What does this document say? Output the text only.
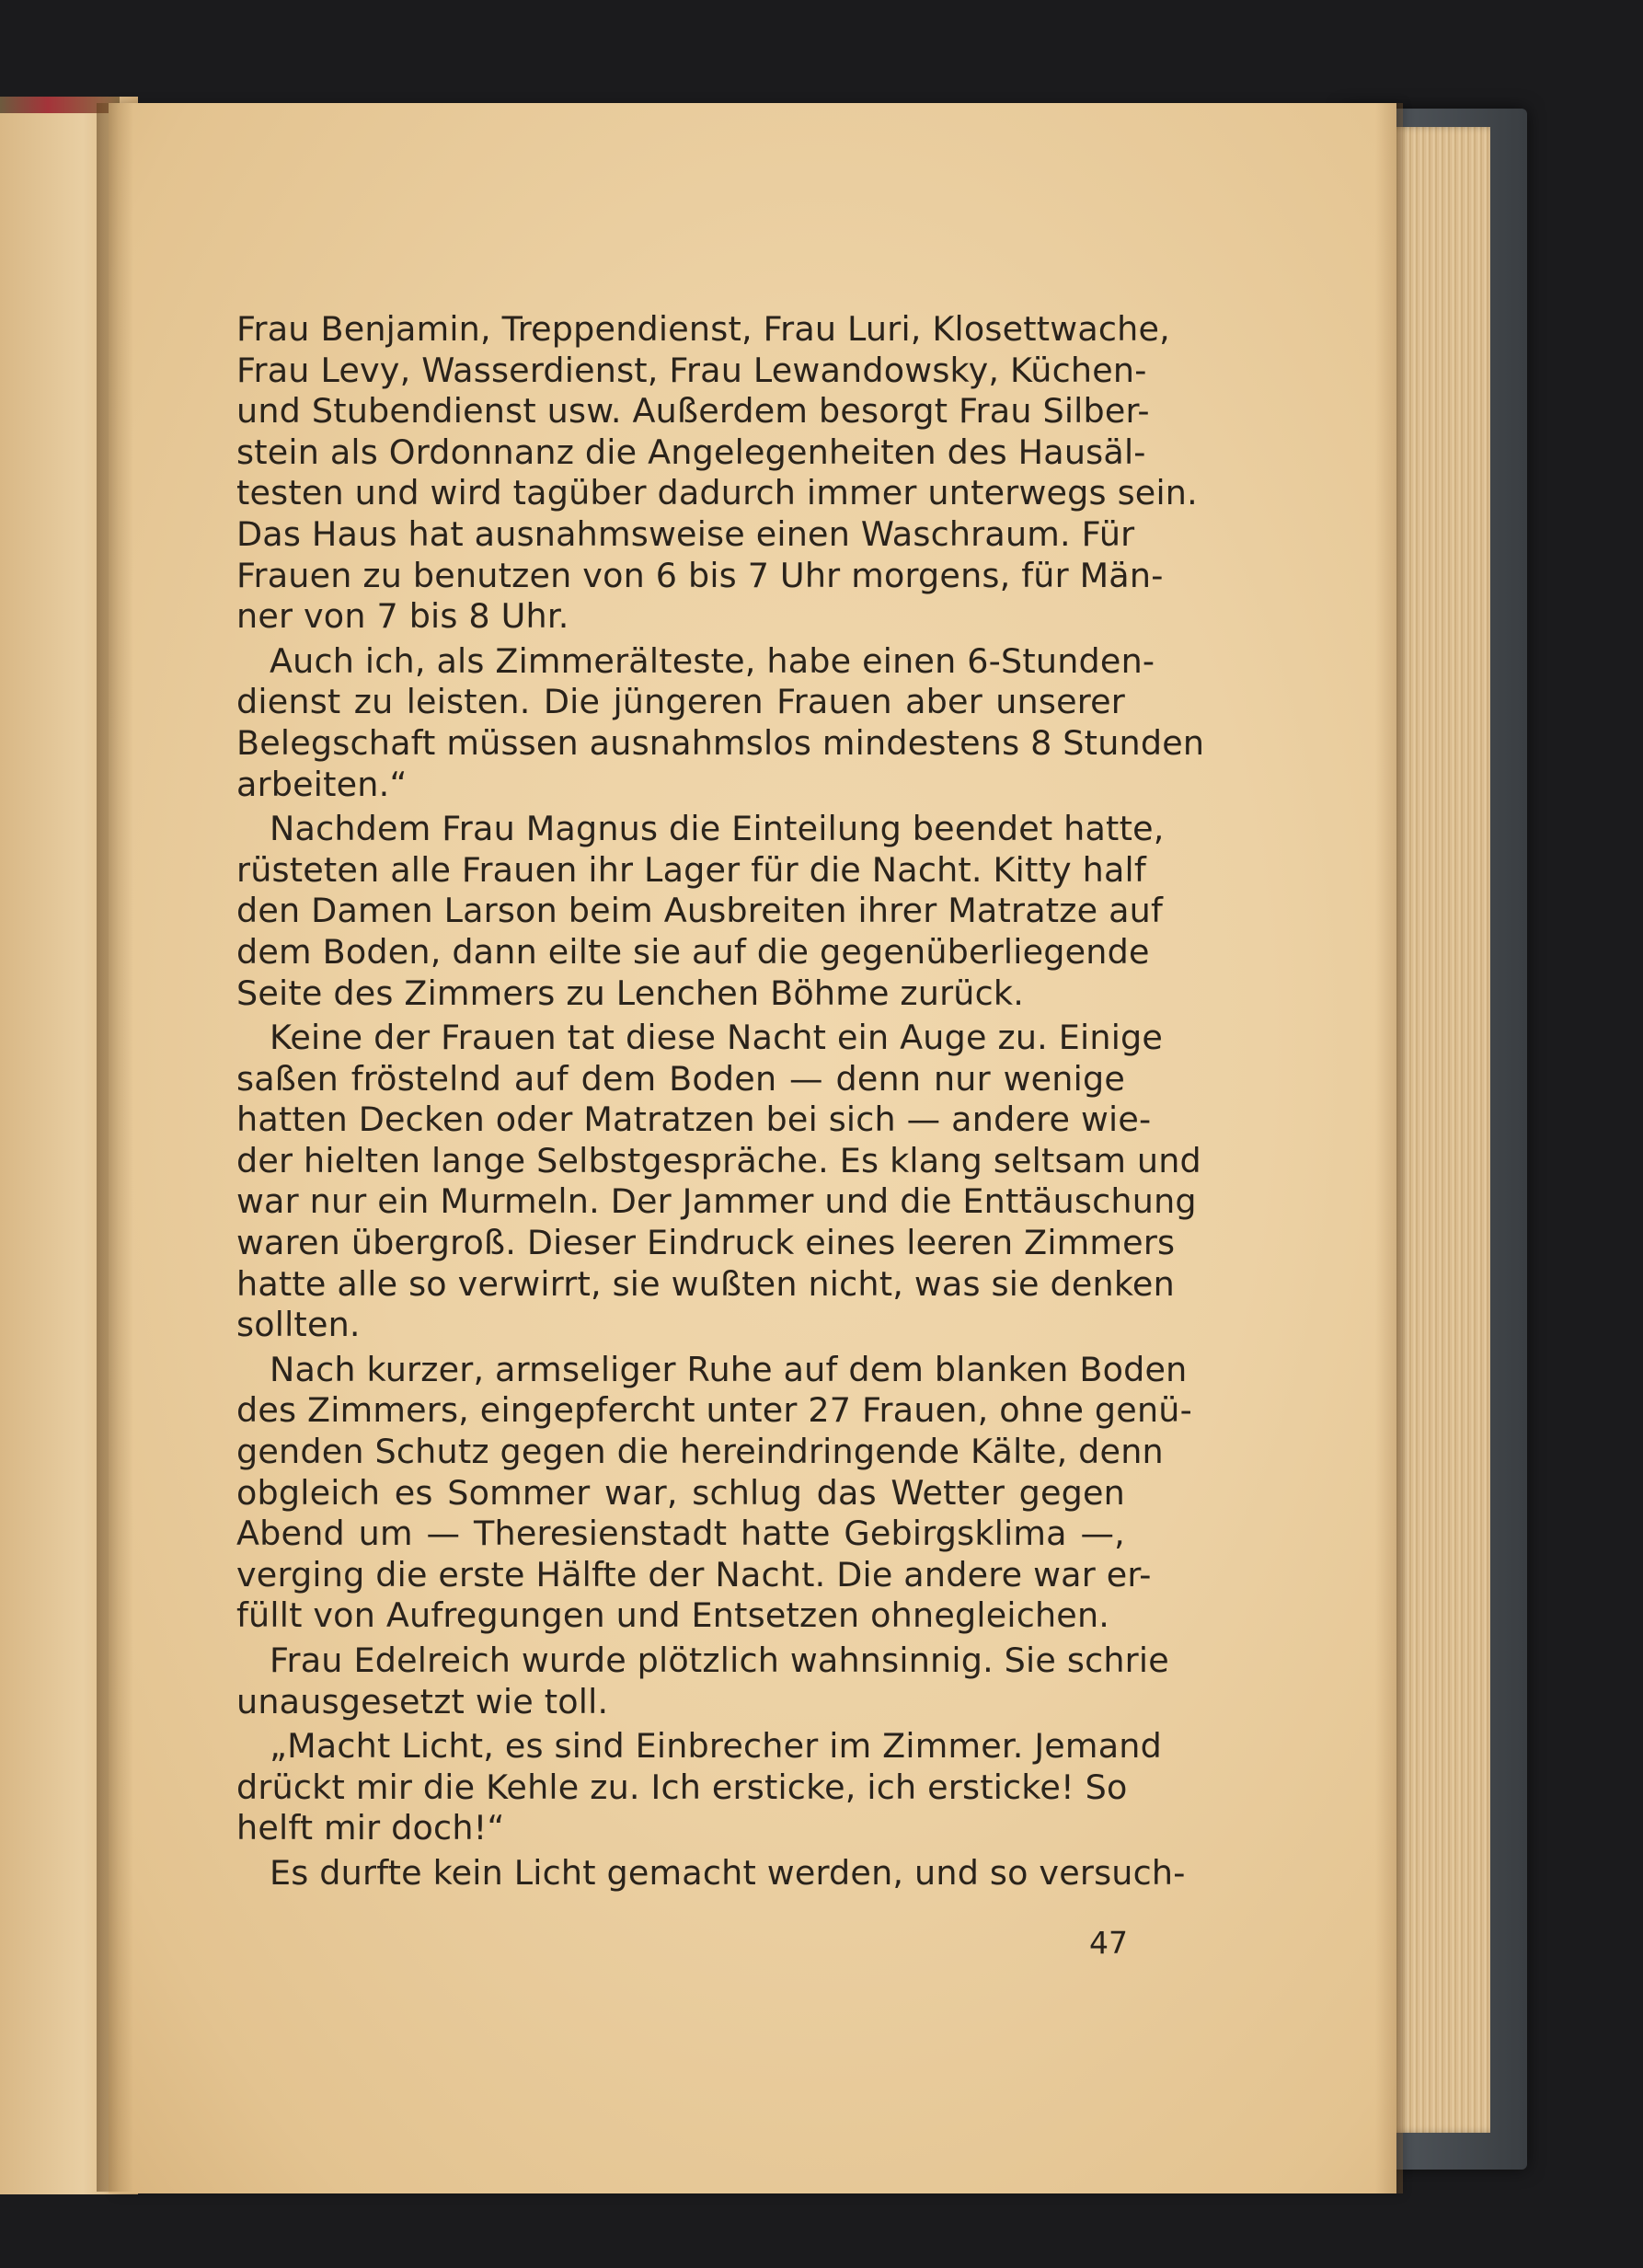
Frau Benjamin, Treppendienst, Frau Luri, Klosettwache,
Frau Levy, Wasserdienst, Frau Lewandowsky, Küchen-
und Stubendienst usw. Außerdem besorgt Frau Silber-
stein als Ordonnanz die Angelegenheiten des Hausäl-
testen und wird tagüber dadurch immer unterwegs sein.
Das Haus hat ausnahmsweise einen Waschraum. Für
Frauen zu benutzen von 6 bis 7 Uhr morgens, für Män-
ner von 7 bis 8 Uhr.
Auch ich, als Zimmerälteste, habe einen 6-Stunden-
dienst zu leisten. Die jüngeren Frauen aber unserer
Belegschaft müssen ausnahmslos mindestens 8 Stunden
arbeiten.“
Nachdem Frau Magnus die Einteilung beendet hatte,
rüsteten alle Frauen ihr Lager für die Nacht. Kitty half
den Damen Larson beim Ausbreiten ihrer Matratze auf
dem Boden, dann eilte sie auf die gegenüberliegende
Seite des Zimmers zu Lenchen Böhme zurück.
Keine der Frauen tat diese Nacht ein Auge zu. Einige
saßen fröstelnd auf dem Boden — denn nur wenige
hatten Decken oder Matratzen bei sich — andere wie-
der hielten lange Selbstgespräche. Es klang seltsam und
war nur ein Murmeln. Der Jammer und die Enttäuschung
waren übergroß. Dieser Eindruck eines leeren Zimmers
hatte alle so verwirrt, sie wußten nicht, was sie denken
sollten.
Nach kurzer, armseliger Ruhe auf dem blanken Boden
des Zimmers, eingepfercht unter 27 Frauen, ohne genü-
genden Schutz gegen die hereindringende Kälte, denn
obgleich es Sommer war, schlug das Wetter gegen
Abend um — Theresienstadt hatte Gebirgsklima —,
verging die erste Hälfte der Nacht. Die andere war er-
füllt von Aufregungen und Entsetzen ohnegleichen.
Frau Edelreich wurde plötzlich wahnsinnig. Sie schrie
unausgesetzt wie toll.
„Macht Licht, es sind Einbrecher im Zimmer. Jemand
drückt mir die Kehle zu. Ich ersticke, ich ersticke! So
helft mir doch!“
Es durfte kein Licht gemacht werden, und so versuch-
47
